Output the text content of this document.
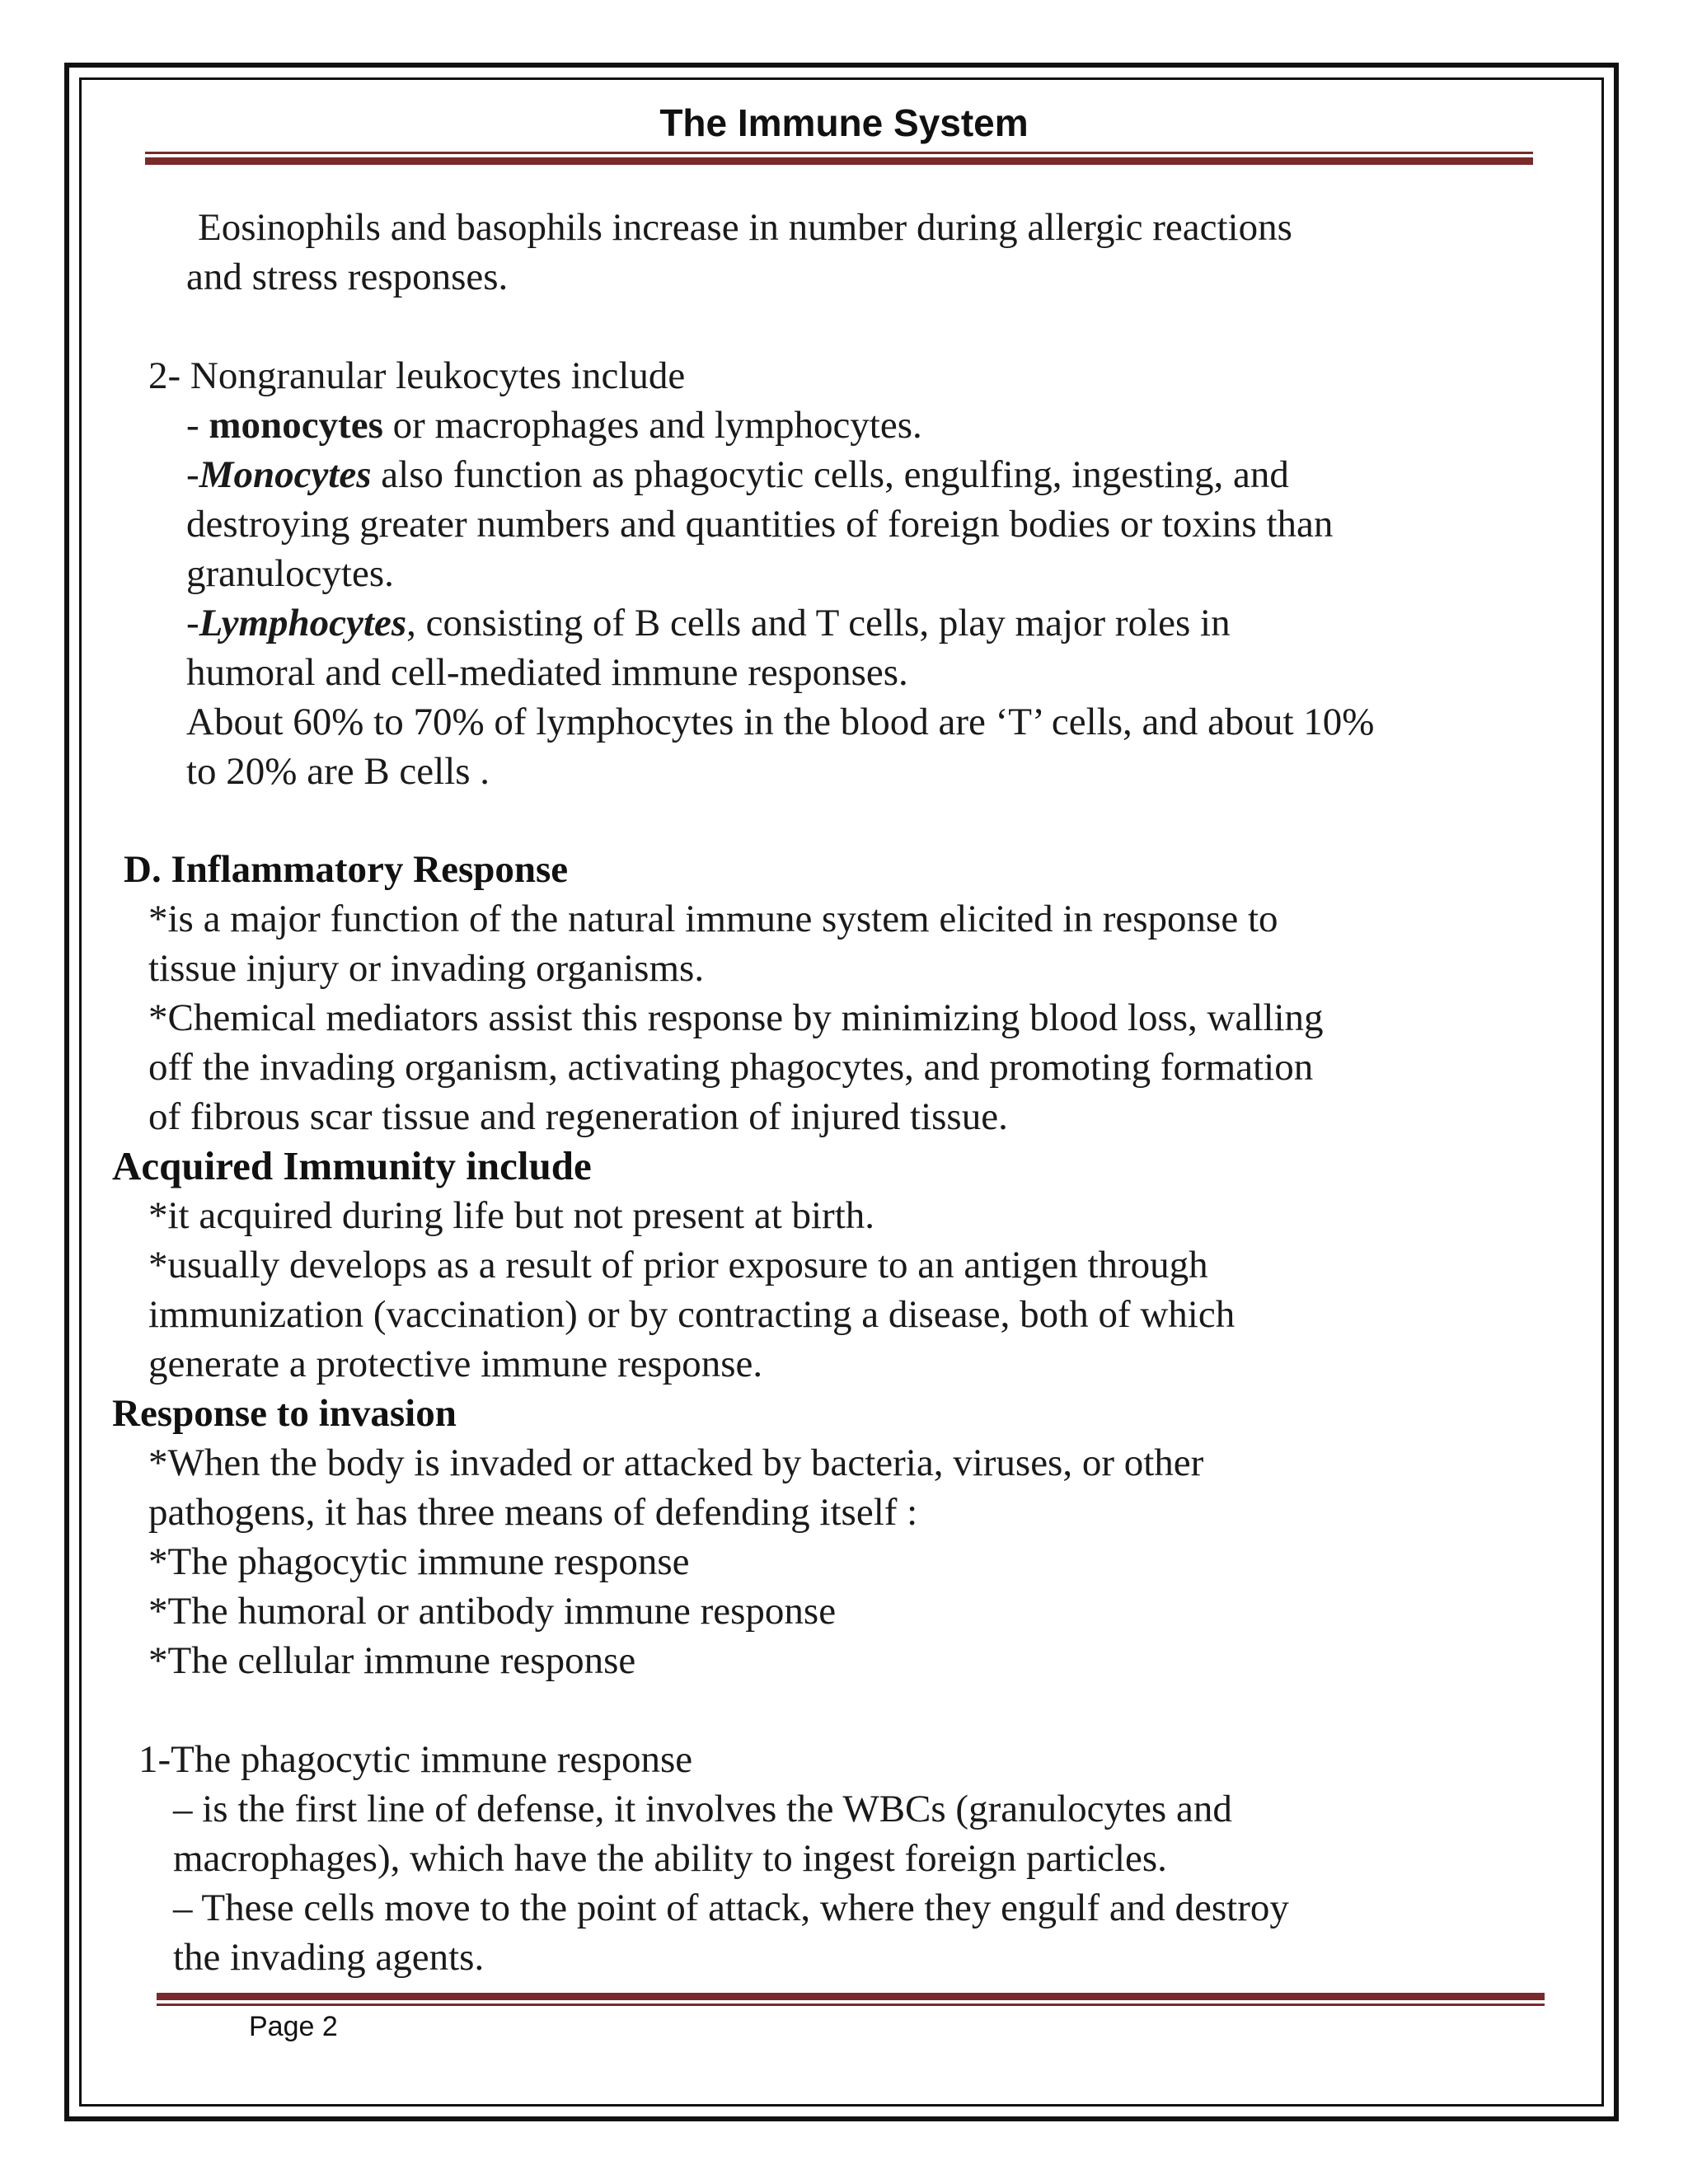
The Immune System
Eosinophils and basophils increase in number during allergic reactions
and stress responses.
2- Nongranular leukocytes include
- monocytes or macrophages and lymphocytes.
-Monocytes also function as phagocytic cells, engulfing, ingesting, and
destroying greater numbers and quantities of foreign bodies or toxins than
granulocytes.
-Lymphocytes, consisting of B cells and T cells, play major roles in
humoral and cell-mediated immune responses.
About 60% to 70% of lymphocytes in the blood are ‘T’ cells, and about 10%
to 20% are B cells .
D. Inflammatory Response
*is a major function of the natural immune system elicited in response to
tissue injury or invading organisms.
*Chemical mediators assist this response by minimizing blood loss, walling
off the invading organism, activating phagocytes, and promoting formation
of fibrous scar tissue and regeneration of injured tissue.
Acquired Immunity include
*it acquired during life but not present at birth.
*usually develops as a result of prior exposure to an antigen through
immunization (vaccination) or by contracting a disease, both of which
generate a protective immune response.
Response to invasion
*When the body is invaded or attacked by bacteria, viruses, or other
pathogens, it has three means of defending itself :
*The phagocytic immune response
*The humoral or antibody immune response
*The cellular immune response
1-The phagocytic immune response
– is the first line of defense, it involves the WBCs (granulocytes and
macrophages), which have the ability to ingest foreign particles.
– These cells move to the point of attack, where they engulf and destroy
the invading agents.
Page 2
